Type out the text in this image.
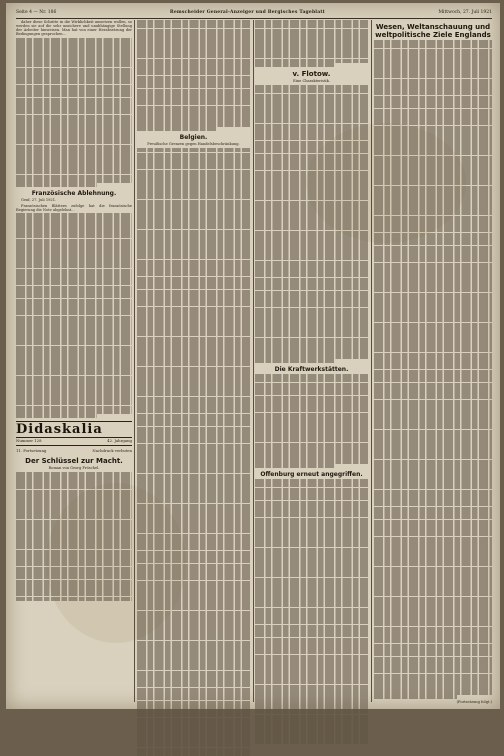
Seite 4 — Nr. 186	Remscheider General-Anzeiger und Bergisches Tageblatt	Mittwoch, 27. Juli 1921

daher diese Schritte in die Wirklichkeit umsetzen wollen, so werden sie auf die sehr unsichere und unabhängige Stellung der Arbeiter hinweisen. Man hat von einer Herabsetzung der Bedingungen gesprochen...

Französische Ablehnung.

Genf, 27. Juli 1921.

Französischen Blättern zufolge hat die französische Regierung die Note abgelehnt...

Didaskalia
Nummer 128	42. Jahrgang
11. Fortsetzung	Nachdruck verboten
Der Schlüssel zur Macht.
Roman von Georg Fröschel.
Belgien.
Preußische Grenzen gegen Handelsbeschränkung.
v. Flotow.
Eine Charakteristik.
Die Kraftwerkstätten.
Offenburg erneut angegriffen.
Wesen, Weltanschauung und weltpolitische Ziele Englands
(Fortsetzung folgt.)
